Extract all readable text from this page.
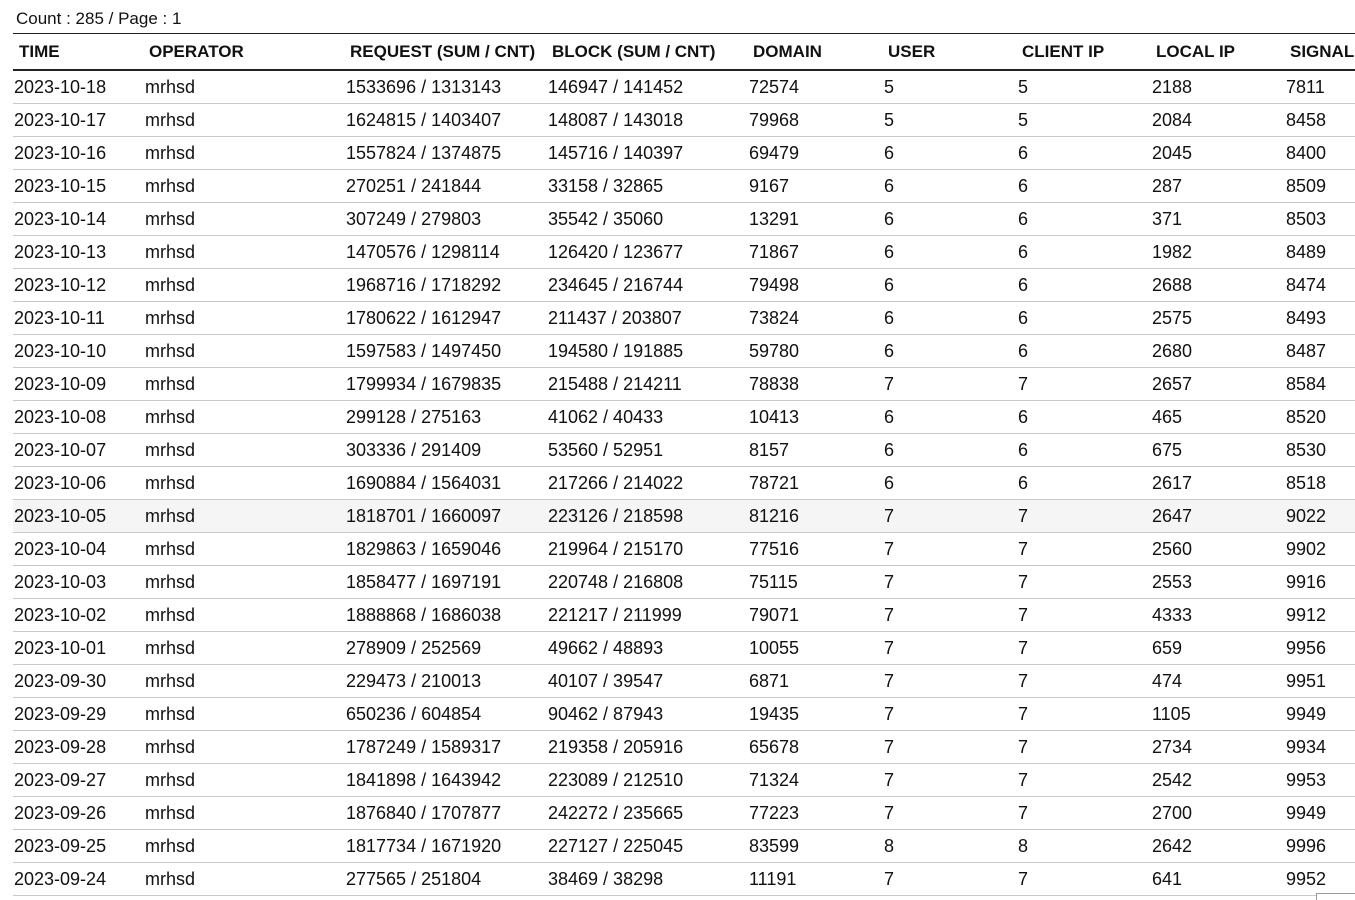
Count : 285 / Page : 1
TIME	OPERATOR	REQUEST (SUM / CNT)	BLOCK (SUM / CNT)	DOMAIN	USER	CLIENT IP	LOCAL IP	SIGNAL
2023-10-18	mrhsd	1533696 / 1313143	146947 / 141452	72574	5	5	2188	7811
2023-10-17	mrhsd	1624815 / 1403407	148087 / 143018	79968	5	5	2084	8458
2023-10-16	mrhsd	1557824 / 1374875	145716 / 140397	69479	6	6	2045	8400
2023-10-15	mrhsd	270251 / 241844	33158 / 32865	9167	6	6	287	8509
2023-10-14	mrhsd	307249 / 279803	35542 / 35060	13291	6	6	371	8503
2023-10-13	mrhsd	1470576 / 1298114	126420 / 123677	71867	6	6	1982	8489
2023-10-12	mrhsd	1968716 / 1718292	234645 / 216744	79498	6	6	2688	8474
2023-10-11	mrhsd	1780622 / 1612947	211437 / 203807	73824	6	6	2575	8493
2023-10-10	mrhsd	1597583 / 1497450	194580 / 191885	59780	6	6	2680	8487
2023-10-09	mrhsd	1799934 / 1679835	215488 / 214211	78838	7	7	2657	8584
2023-10-08	mrhsd	299128 / 275163	41062 / 40433	10413	6	6	465	8520
2023-10-07	mrhsd	303336 / 291409	53560 / 52951	8157	6	6	675	8530
2023-10-06	mrhsd	1690884 / 1564031	217266 / 214022	78721	6	6	2617	8518
2023-10-05	mrhsd	1818701 / 1660097	223126 / 218598	81216	7	7	2647	9022
2023-10-04	mrhsd	1829863 / 1659046	219964 / 215170	77516	7	7	2560	9902
2023-10-03	mrhsd	1858477 / 1697191	220748 / 216808	75115	7	7	2553	9916
2023-10-02	mrhsd	1888868 / 1686038	221217 / 211999	79071	7	7	4333	9912
2023-10-01	mrhsd	278909 / 252569	49662 / 48893	10055	7	7	659	9956
2023-09-30	mrhsd	229473 / 210013	40107 / 39547	6871	7	7	474	9951
2023-09-29	mrhsd	650236 / 604854	90462 / 87943	19435	7	7	1105	9949
2023-09-28	mrhsd	1787249 / 1589317	219358 / 205916	65678	7	7	2734	9934
2023-09-27	mrhsd	1841898 / 1643942	223089 / 212510	71324	7	7	2542	9953
2023-09-26	mrhsd	1876840 / 1707877	242272 / 235665	77223	7	7	2700	9949
2023-09-25	mrhsd	1817734 / 1671920	227127 / 225045	83599	8	8	2642	9996
2023-09-24	mrhsd	277565 / 251804	38469 / 38298	11191	7	7	641	9952
